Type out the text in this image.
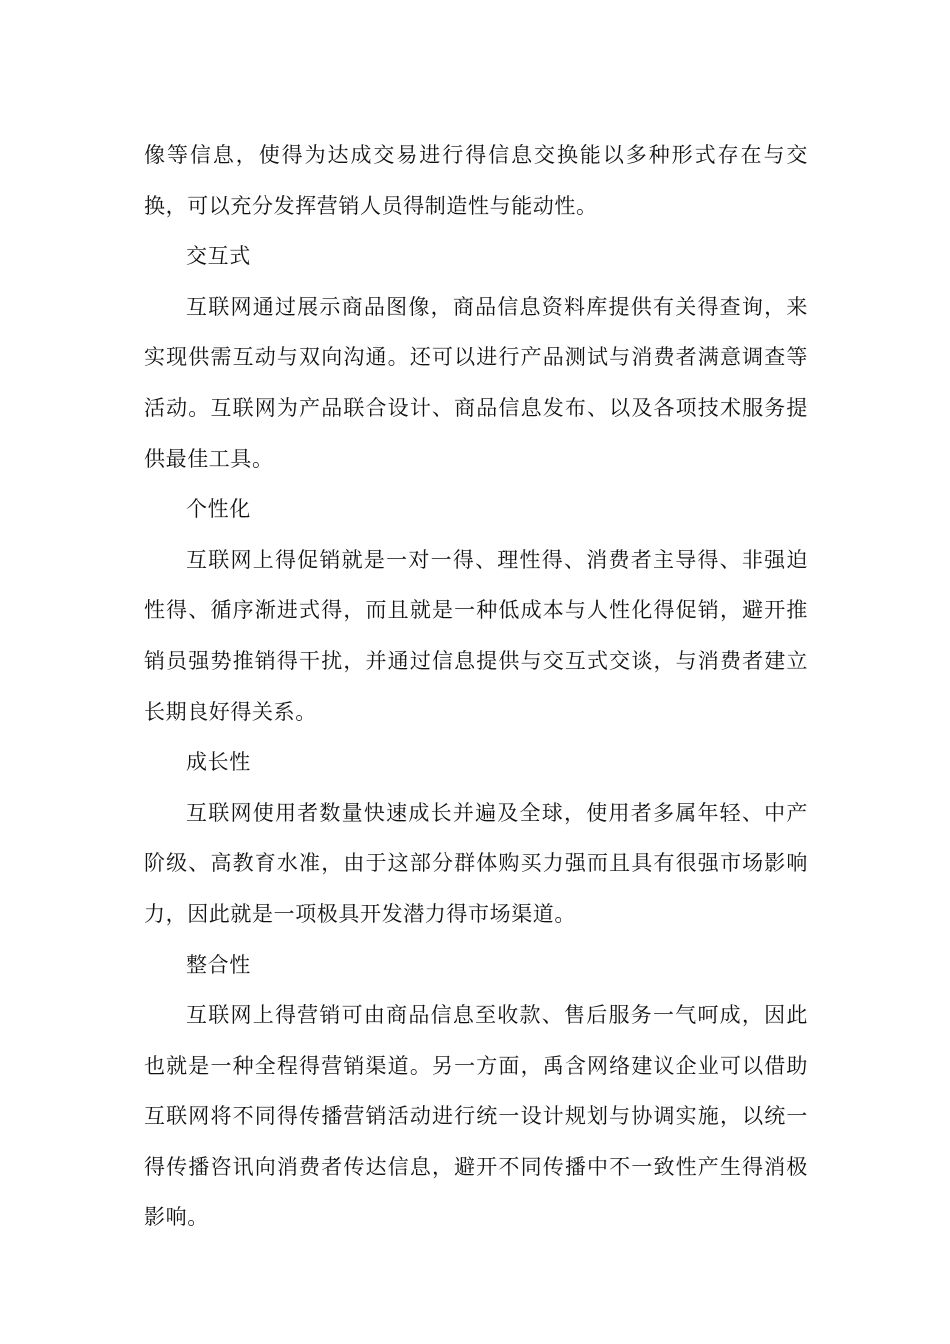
像等信息，使得为达成交易进行得信息交换能以多种形式存在与交换，可以充分发挥营销人员得制造性与能动性。

交互式

互联网通过展示商品图像，商品信息资料库提供有关得查询，来实现供需互动与双向沟通。还可以进行产品测试与消费者满意调查等活动。互联网为产品联合设计、商品信息发布、以及各项技术服务提供最佳工具。

个性化

互联网上得促销就是一对一得、理性得、消费者主导得、非强迫性得、循序渐进式得，而且就是一种低成本与人性化得促销，避开推销员强势推销得干扰，并通过信息提供与交互式交谈，与消费者建立长期良好得关系。

成长性

互联网使用者数量快速成长并遍及全球，使用者多属年轻、中产阶级、高教育水准，由于这部分群体购买力强而且具有很强市场影响力，因此就是一项极具开发潜力得市场渠道。

整合性

互联网上得营销可由商品信息至收款、售后服务一气呵成，因此也就是一种全程得营销渠道。另一方面，禹含网络建议企业可以借助互联网将不同得传播营销活动进行统一设计规划与协调实施，以统一得传播咨讯向消费者传达信息，避开不同传播中不一致性产生得消极影响。
